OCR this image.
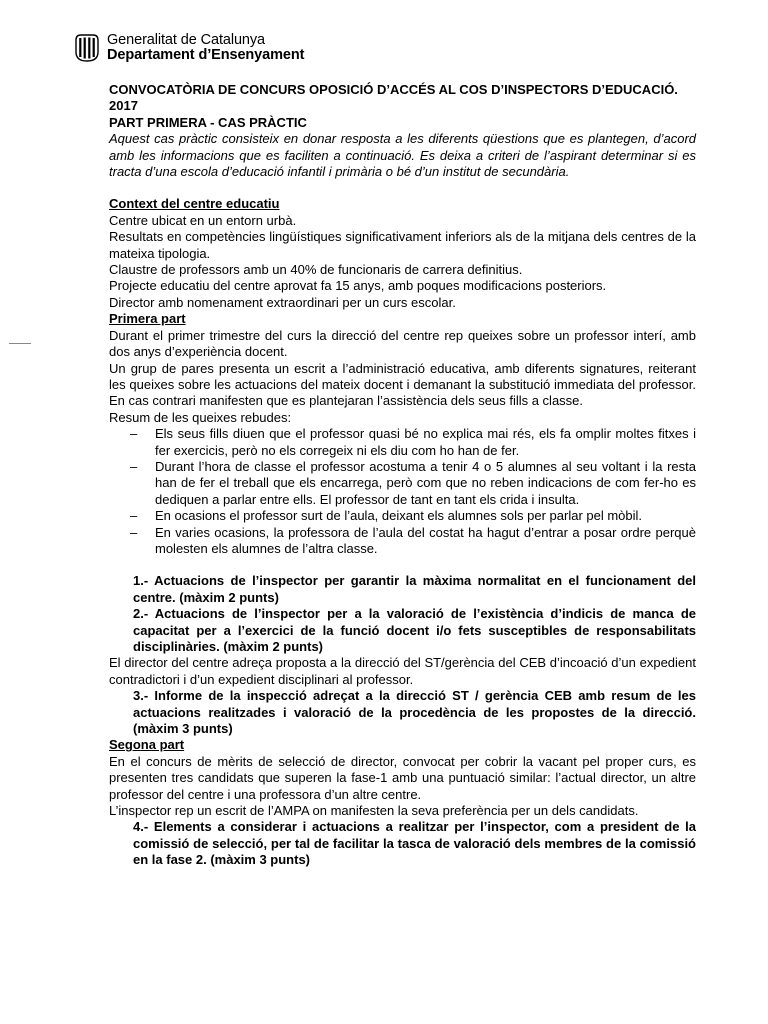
Generalitat de Catalunya
Departament d’Ensenyament

CONVOCATÒRIA DE CONCURS OPOSICIÓ D’ACCÉS AL COS D’INSPECTORS D’EDUCACIÓ. 2017

PART PRIMERA - CAS PRÀCTIC

Aquest cas pràctic consisteix en donar resposta a les diferents qüestions que es plantegen, d’acord amb les informacions que es faciliten a continuació. Es deixa a criteri de l’aspirant determinar si es tracta d’una escola d’educació infantil i primària o bé d’un institut de secundària.

Context del centre educatiu

Centre ubicat en un entorn urbà.

Resultats en competències lingüístiques significativament inferiors als de la mitjana dels centres de la mateixa tipologia.

Claustre de professors amb un 40% de funcionaris de carrera definitius.

Projecte educatiu del centre aprovat fa 15 anys, amb poques modificacions posteriors.

Director amb nomenament extraordinari per un curs escolar.

Primera part

Durant el primer trimestre del curs la direcció del centre rep queixes sobre un professor interí, amb dos anys d’experiència docent.

Un grup de pares presenta un escrit a l’administració educativa, amb diferents signatures, reiterant les queixes sobre les actuacions del mateix docent i demanant la substitució immediata del professor. En cas contrari manifesten que es plantejaran l’assistència dels seus fills a classe.

Resum de les queixes rebudes:

– Els seus fills diuen que el professor quasi bé no explica mai rés, els fa omplir moltes fitxes i fer exercicis, però no els corregeix ni els diu com ho han de fer.
– Durant l’hora de classe el professor acostuma a tenir 4 o 5 alumnes al seu voltant i la resta han de fer el treball que els encarrega, però com que no reben indicacions de com fer-ho es dediquen a parlar entre ells. El professor de tant en tant els crida i insulta.
– En ocasions el professor surt de l’aula, deixant els alumnes sols per parlar pel mòbil.
– En varies ocasions, la professora de l’aula del costat ha hagut d’entrar a posar ordre perquè molesten els alumnes de l’altra classe.

1.- Actuacions de l’inspector per garantir la màxima normalitat en el funcionament del centre. (màxim 2 punts)

2.- Actuacions de l’inspector per a la valoració de l’existència d’indicis de manca de capacitat per a l’exercici de la funció docent i/o fets susceptibles de responsabilitats disciplinàries. (màxim 2 punts)

El director del centre adreça proposta a la direcció del ST/gerència del CEB d’incoació d’un expedient contradictori i d’un expedient disciplinari al professor.

3.- Informe de la inspecció adreçat a la direcció ST / gerència CEB amb resum de les actuacions realitzades i valoració de la procedència de les propostes de la direcció. (màxim 3 punts)

Segona part

En el concurs de mèrits de selecció de director, convocat per cobrir la vacant pel proper curs, es presenten tres candidats que superen la fase-1 amb una puntuació similar: l’actual director, un altre professor del centre i una professora d’un altre centre.

L’inspector rep un escrit de l’AMPA on manifesten la seva preferència per un dels candidats.

4.- Elements a considerar i actuacions a realitzar per l’inspector, com a president de la comissió de selecció, per tal de facilitar la tasca de valoració dels membres de la comissió en la fase 2. (màxim 3 punts)
